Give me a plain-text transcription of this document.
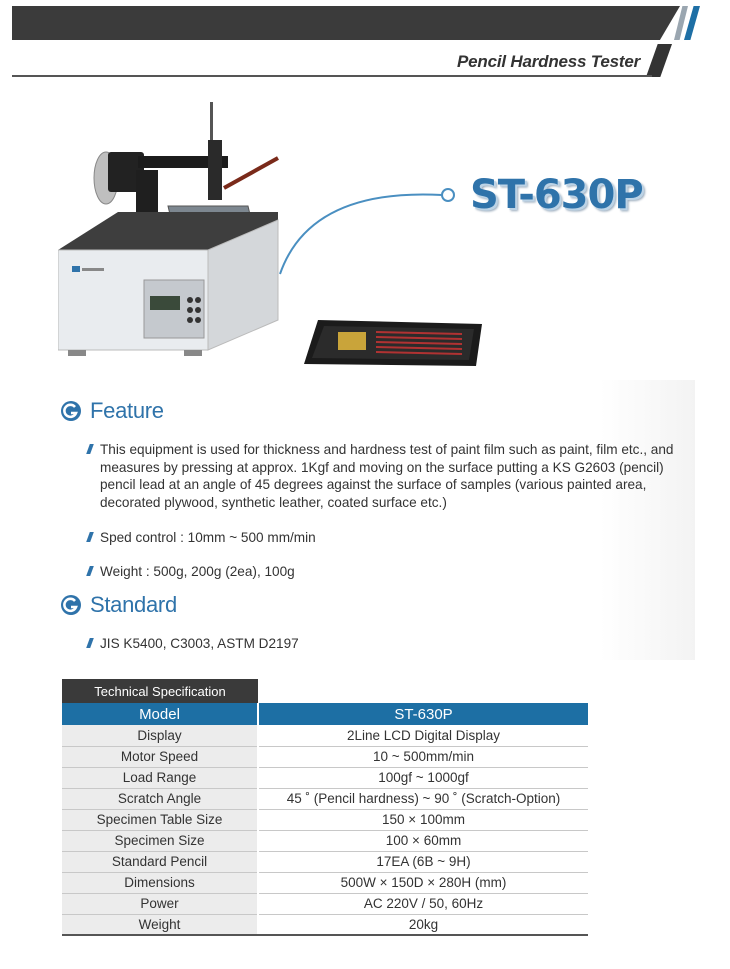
Pencil Hardness Tester
ST-630P
Feature
This equipment is used for thickness and hardness test of paint film such as paint, film etc., and measures by pressing at approx. 1Kgf and moving on the surface putting a KS G2603 (pencil) pencil lead at an angle of 45 degrees against the surface of samples (various painted area, decorated plywood, synthetic leather, coated surface etc.)
Sped control : 10mm ~ 500 mm/min
Weight : 500g, 200g (2ea), 100g
Standard
JIS K5400, C3003, ASTM D2197
Technical Specification
Model	ST-630P
Display	2Line LCD Digital Display
Motor Speed	10 ~ 500mm/min
Load Range	100gf ~ 1000gf
Scratch Angle	45 ˚ (Pencil hardness) ~ 90 ˚ (Scratch-Option)
Specimen Table Size	150 × 100mm
Specimen Size	100 × 60mm
Standard Pencil	17EA (6B ~ 9H)
Dimensions	500W × 150D × 280H (mm)
Power	AC 220V / 50, 60Hz
Weight	20kg
